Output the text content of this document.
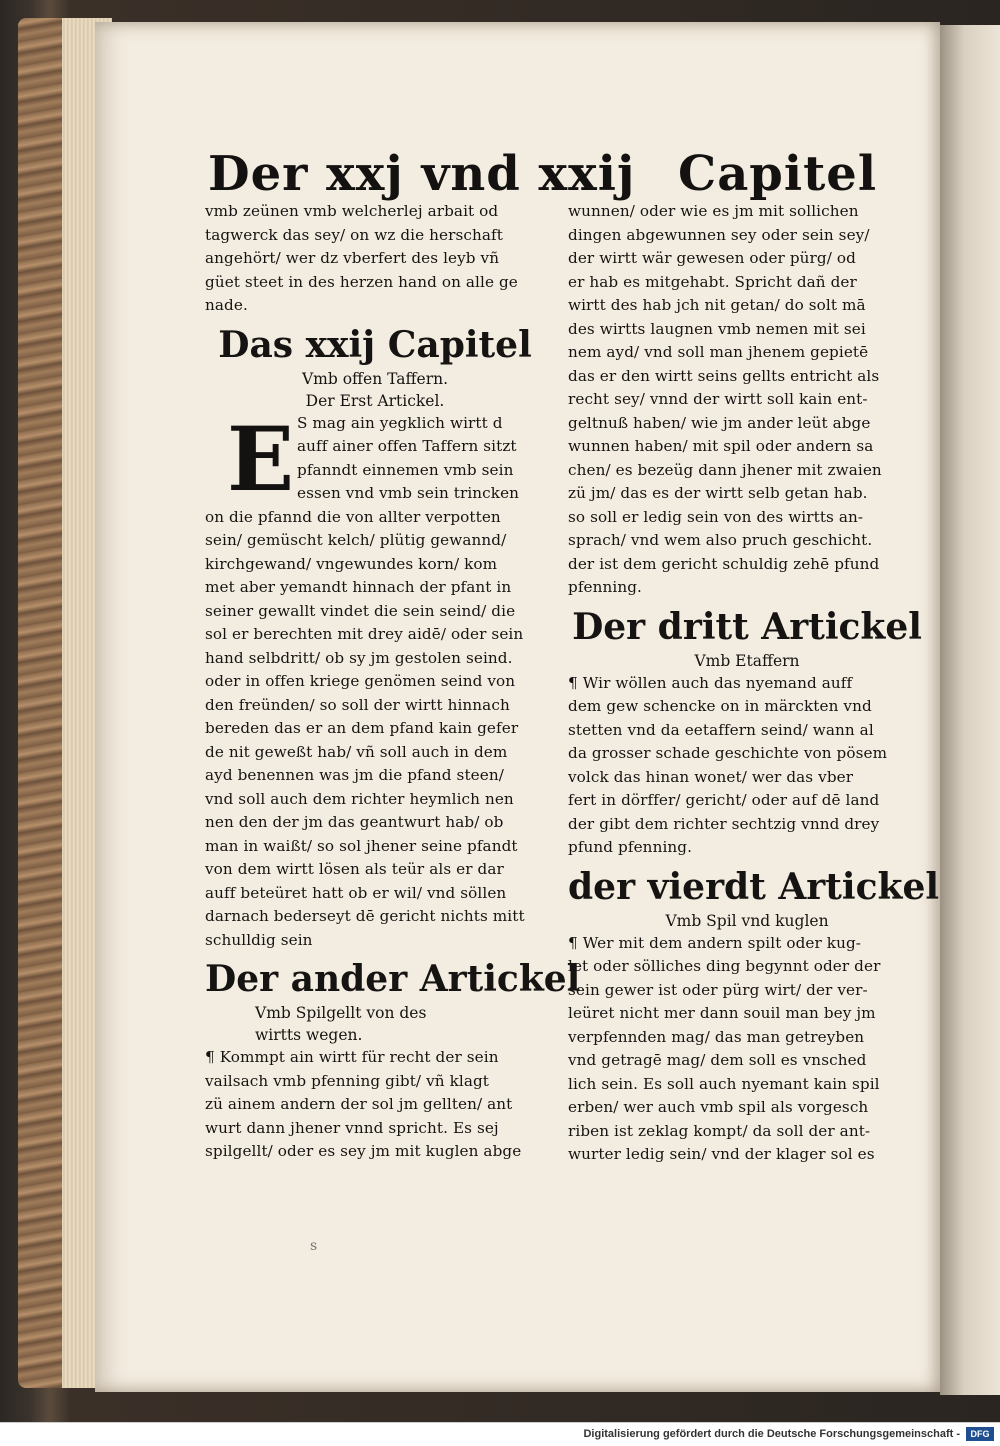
Der xxj vnd xxij Capitel
vmb zeünen vmb welcherlej arbait od
tagwerck das sey/ on wz die herschaft
angehört/ wer dz vberfert des leyb vñ
güet steet in des herzen hand on alle ge
nade.
Das xxij Capitel
Vmb offen Taffern.
Der Erst Artickel.
E S mag ain yegklich wirtt d
auff ainer offen Taffern sitzt
pfanndt einnemen vmb sein
essen vnd vmb sein trincken
on die pfannd die von allter verpotten
sein/ gemüscht kelch/ plütig gewannd/
kirchgewand/ vngewundes korn/ kom
met aber yemandt hinnach der pfant in
seiner gewallt vindet die sein seind/ die
sol er berechten mit drey aidē/ oder sein
hand selbdritt/ ob sy jm gestolen seind.
oder in offen kriege genömen seind von
den freünden/ so soll der wirtt hinnach
bereden das er an dem pfand kain gefer
de nit geweßt hab/ vñ soll auch in dem
ayd benennen was jm die pfand steen/
vnd soll auch dem richter heymlich nen
nen den der jm das geantwurt hab/ ob
man in waißt/ so sol jhener seine pfandt
von dem wirtt lösen als teür als er dar
auff beteüret hatt ob er wil/ vnd söllen
darnach bederseyt dē gericht nichts mitt
schulldig sein
Der ander Artickel
Vmb Spilgellt von des
wirtts wegen.
¶ Kommpt ain wirtt für recht der sein
vailsach vmb pfenning gibt/ vñ klagt
zü ainem andern der sol jm gellten/ ant
wurt dann jhener vnnd spricht. Es sej
spilgellt/ oder es sey jm mit kuglen abge
wunnen/ oder wie es jm mit sollichen
dingen abgewunnen sey oder sein sey/
der wirtt wär gewesen oder pürg/ od
er hab es mitgehabt. Spricht dañ der
wirtt des hab jch nit getan/ do solt mā
des wirtts laugnen vmb nemen mit sei
nem ayd/ vnd soll man jhenem gepietē
das er den wirtt seins gellts entricht als
recht sey/ vnnd der wirtt soll kain ent-
geltnuß haben/ wie jm ander leüt abge
wunnen haben/ mit spil oder andern sa
chen/ es bezeüg dann jhener mit zwaien
zü jm/ das es der wirtt selb getan hab.
so soll er ledig sein von des wirtts an-
sprach/ vnd wem also pruch geschicht.
der ist dem gericht schuldig zehē pfund
pfenning.
Der dritt Artickel
Vmb Etaffern
¶ Wir wöllen auch das nyemand auff
dem gew schencke on in märckten vnd
stetten vnd da eetaffern seind/ wann al
da grosser schade geschichte von pösem
volck das hinan wonet/ wer das vber
fert in dörffer/ gericht/ oder auf dē land
der gibt dem richter sechtzig vnnd drey
pfund pfenning.
der vierdt Artickel
Vmb Spil vnd kuglen
¶ Wer mit dem andern spilt oder kug-
let oder sölliches ding begynnt oder der
sein gewer ist oder pürg wirt/ der ver-
leüret nicht mer dann souil man bey jm
verpfennden mag/ das man getreyben
vnd getragē mag/ dem soll es vnsched
lich sein. Es soll auch nyemant kain spil
erben/ wer auch vmb spil als vorgesch
riben ist zeklag kompt/ da soll der ant-
wurter ledig sein/ vnd der klager sol es
s
Digitalisierung gefördert durch die Deutsche Forschungsgemeinschaft -	DFG
